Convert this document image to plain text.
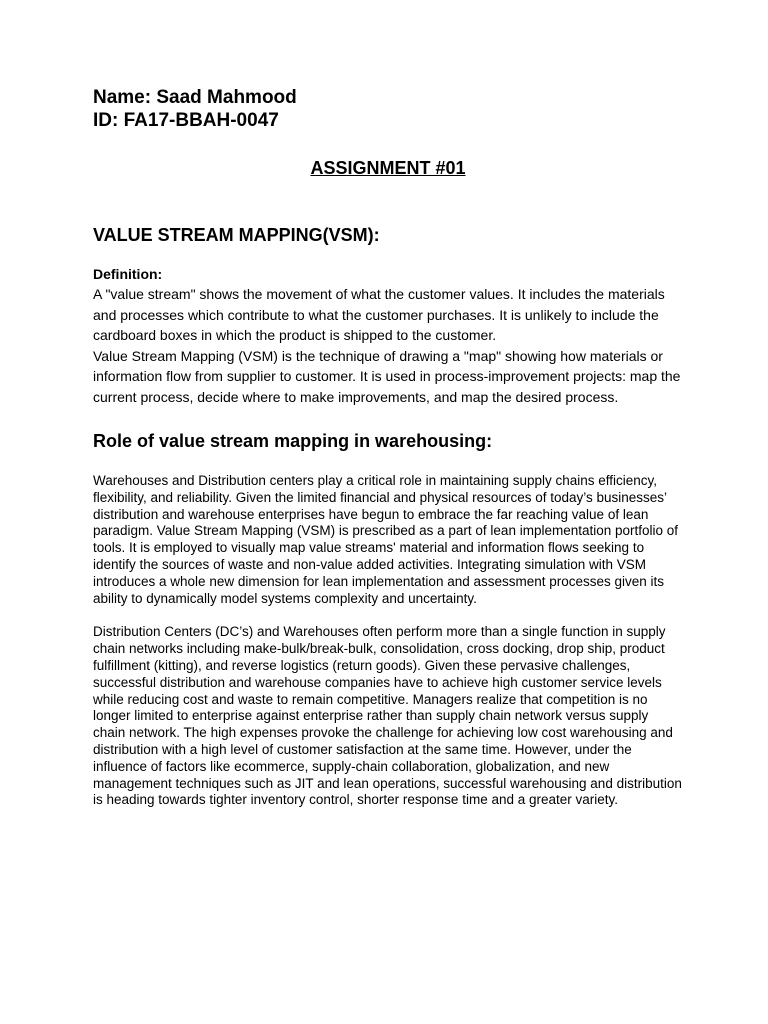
Name: Saad Mahmood

ID: FA17-BBAH-0047

ASSIGNMENT #01
VALUE STREAM MAPPING(VSM):
Definition:

A "value stream" shows the movement of what the customer values. It includes the materials and processes which contribute to what the customer purchases. It is unlikely to include the cardboard boxes in which the product is shipped to the customer.

Value Stream Mapping (VSM) is the technique of drawing a "map" showing how materials or information flow from supplier to customer. It is used in process-improvement projects: map the current process, decide where to make improvements, and map the desired process.

Role of value stream mapping in warehousing:

Warehouses and Distribution centers play a critical role in maintaining supply chains efficiency, flexibility, and reliability. Given the limited financial and physical resources of today’s businesses’ distribution and warehouse enterprises have begun to embrace the far reaching value of lean paradigm. Value Stream Mapping (VSM) is prescribed as a part of lean implementation portfolio of tools. It is employed to visually map value streams' material and information flows seeking to identify the sources of waste and non-value added activities. Integrating simulation with VSM introduces a whole new dimension for lean implementation and assessment processes given its ability to dynamically model systems complexity and uncertainty.

Distribution Centers (DC’s) and Warehouses often perform more than a single function in supply chain networks including make-bulk/break-bulk, consolidation, cross docking, drop ship, product fulfillment (kitting), and reverse logistics (return goods). Given these pervasive challenges, successful distribution and warehouse companies have to achieve high customer service levels while reducing cost and waste to remain competitive. Managers realize that competition is no longer limited to enterprise against enterprise rather than supply chain network versus supply chain network. The high expenses provoke the challenge for achieving low cost warehousing and distribution with a high level of customer satisfaction at the same time. However, under the influence of factors like ecommerce, supply-chain collaboration, globalization, and new management techniques such as JIT and lean operations, successful warehousing and distribution is heading towards tighter inventory control, shorter response time and a greater variety.
